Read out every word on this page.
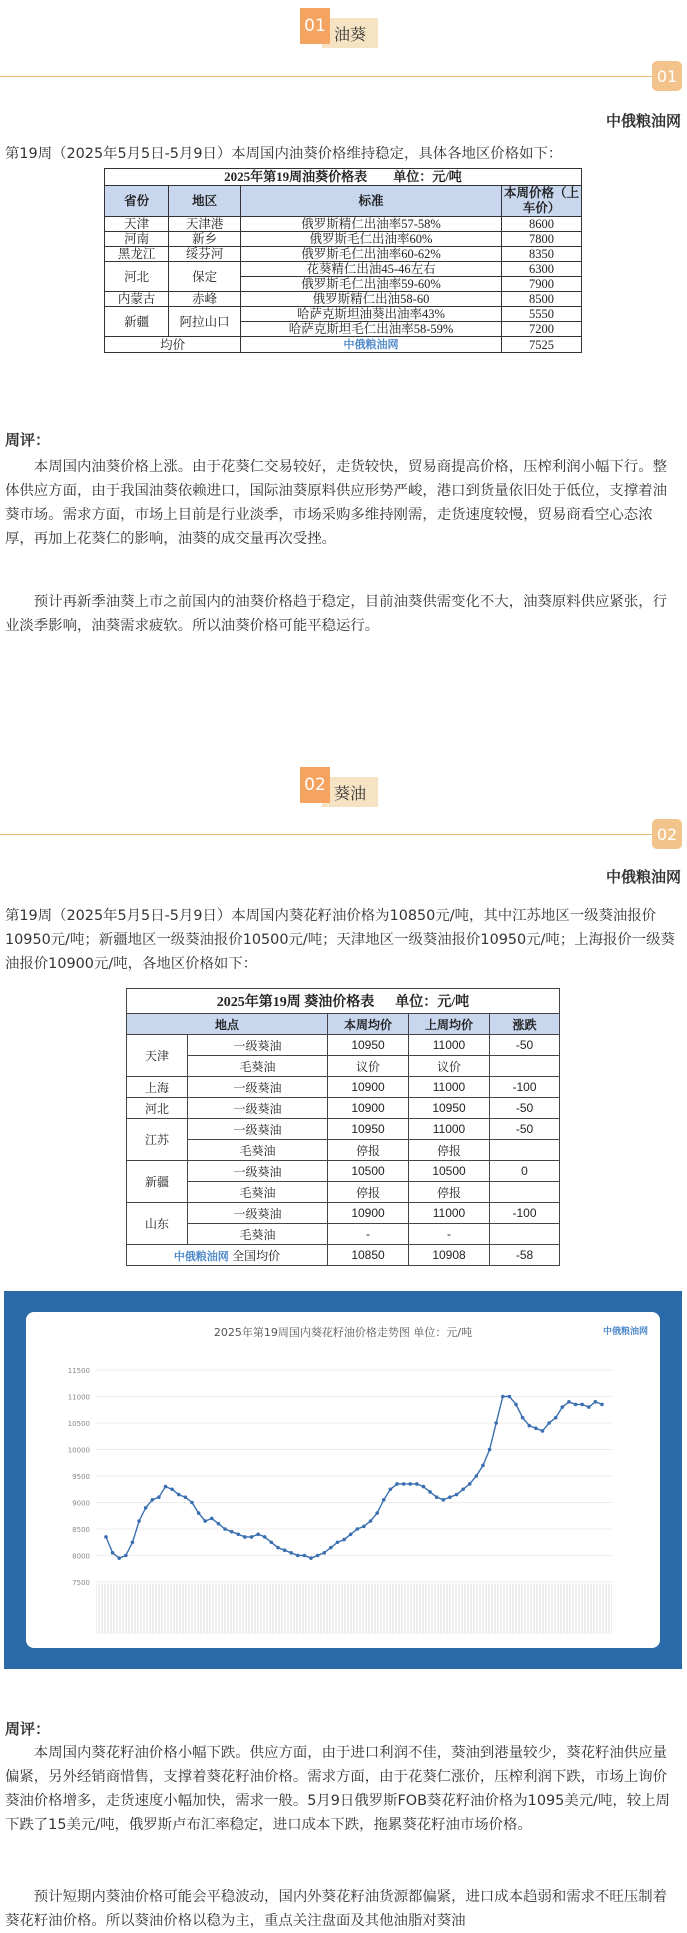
油葵
01
01
中俄粮油网
第19周（2025年5月5日-5月9日）本周国内油葵价格维持稳定，具体各地区价格如下：
2025年第19周油葵价格表 单位：元/吨			
省份	地区	标准	本周价格（上车价）
天津	天津港	俄罗斯精仁出油率57-58%	8600
河南	新乡	俄罗斯毛仁出油率60%	7800
黑龙江	绥芬河	俄罗斯毛仁出油率60-62%	8350
河北	保定	花葵精仁出油45-46左右	6300
		俄罗斯毛仁出油率59-60%	7900
内蒙古	赤峰	俄罗斯精仁出油58-60	8500
新疆	阿拉山口	哈萨克斯坦油葵出油率43%	5550
		哈萨克斯坦毛仁出油率58-59%	7200
均价		中俄粮油网	7525
周评：
本周国内油葵价格上涨。由于花葵仁交易较好，走货较快，贸易商提高价格，压榨利润小幅下行。整体供应方面，由于我国油葵依赖进口，国际油葵原料供应形势严峻，港口到货量依旧处于低位，支撑着油葵市场。需求方面，市场上目前是行业淡季，市场采购多维持刚需，走货速度较慢，贸易商看空心态浓厚，再加上花葵仁的影响，油葵的成交量再次受挫。
预计再新季油葵上市之前国内的油葵价格趋于稳定，目前油葵供需变化不大，油葵原料供应紧张，行业淡季影响，油葵需求疲软。所以油葵价格可能平稳运行。
葵油
02
02
中俄粮油网
第19周（2025年5月5日-5月9日）本周国内葵花籽油价格为10850元/吨，其中江苏地区一级葵油报价10950元/吨；新疆地区一级葵油报价10500元/吨；天津地区一级葵油报价10950元/吨；上海报价一级葵油报价10900元/吨，各地区价格如下：
2025年第19周 葵油价格表 单位：元/吨				
地点		本周均价	上周均价	涨跌
天津	一级葵油	10950	11000	-50
	毛葵油	议价	议价	
上海	一级葵油	10900	11000	-100
河北	一级葵油	10900	10950	-50
江苏	一级葵油	10950	11000	-50
	毛葵油	停报	停报	
新疆	一级葵油	10500	10500	0
	毛葵油	停报	停报	
山东	一级葵油	10900	11000	-100
	毛葵油	-	-	
中俄粮油网 全国均价		10850	10908	-58
2025年第19周国内葵花籽油价格走势图 单位：元/吨	中俄粮油网
7500
8000
8500
9000
9500
10000
10500
11000
11500
周评：
本周国内葵花籽油价格小幅下跌。供应方面，由于进口利润不佳，葵油到港量较少，葵花籽油供应量偏紧，另外经销商惜售，支撑着葵花籽油价格。需求方面，由于花葵仁涨价，压榨利润下跌，市场上询价葵油价格增多，走货速度小幅加快，需求一般。5月9日俄罗斯FOB葵花籽油价格为1095美元/吨，较上周下跌了15美元/吨，俄罗斯卢布汇率稳定，进口成本下跌，拖累葵花籽油市场价格。
预计短期内葵油价格可能会平稳波动，国内外葵花籽油货源都偏紧，进口成本趋弱和需求不旺压制着葵花籽油价格。所以葵油价格以稳为主，重点关注盘面及其他油脂对葵油
